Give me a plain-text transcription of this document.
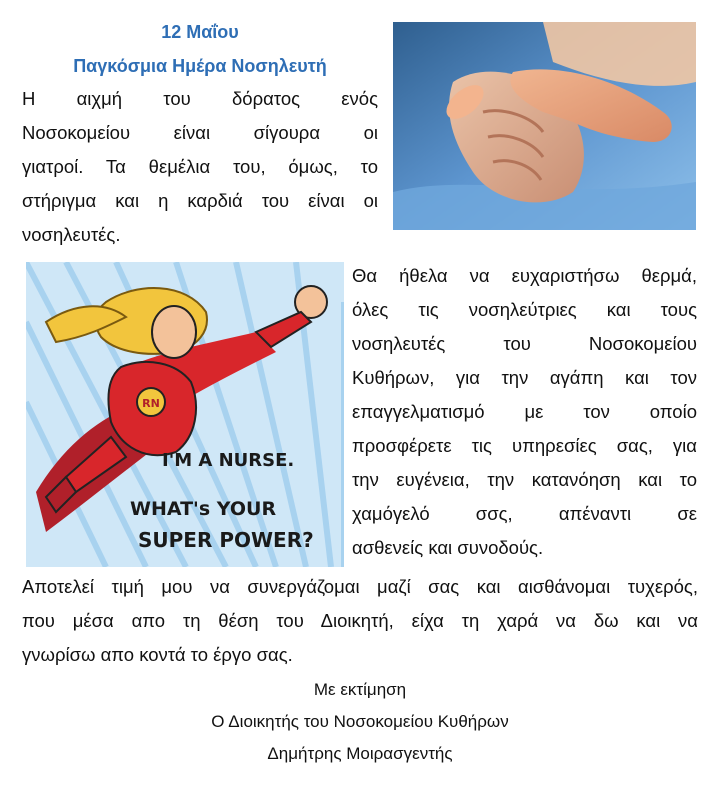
12 Μαΐου
Παγκόσμια Ημέρα Νοσηλευτή
Η αιχμή του δόρατος ενός
Νοσοκομείου είναι σίγουρα οι
γιατροί. Τα θεμέλια του, όμως, το
στήριγμα και η καρδιά του είναι οι
νοσηλευτές.
RN
I'M A NURSE.
WHAT's YOUR
SUPER POWER?
Θα ήθελα να ευχαριστήσω θερμά,
όλες τις νοσηλεύτριες και τους
νοσηλευτές του Νοσοκομείου
Κυθήρων, για την αγάπη και τον
επαγγελματισμό με τον οποίο
προσφέρετε τις υπηρεσίες σας, για
την ευγένεια, την κατανόηση και το
χαμόγελό σσς, απέναντι σε
ασθενείς και συνοδούς.
Αποτελεί τιμή μου να συνεργάζομαι μαζί σας και αισθάνομαι τυχερός,
που μέσα απο τη θέση του Διοικητή, είχα τη χαρά να δω και να
γνωρίσω απο κοντά το έργο σας.
Με εκτίμηση
Ο Διοικητής του Νοσοκομείου Κυθήρων
Δημήτρης Μοιρασγεντής
